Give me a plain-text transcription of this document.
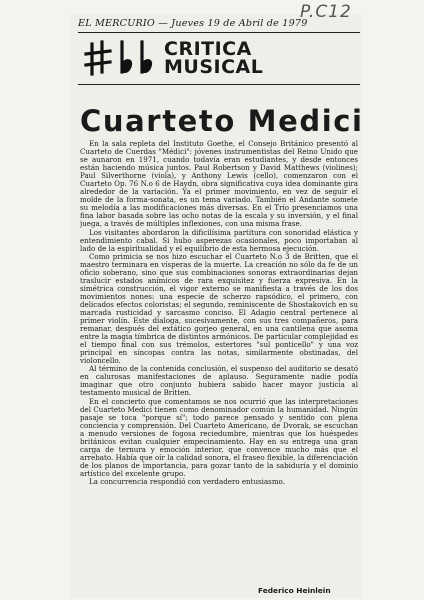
P.C12
EL MERCURIO — Jueves 19 de Abril de 1979
CRITICA
MUSICAL
Cuarteto Medici

En la sala repleta del Instituto Goethe, el Consejo Británico presentó al Cuarteto de Cuerdas "Médici": jóvenes instrumentistas del Reino Unido que se aunaron en 1971, cuando todavía eran estudiantes, y desde entonces están haciendo música juntos. Paul Robertson y David Matthews (violines); Paul Silverthorne (viola), y Anthony Lewis (cello), comenzaron con el Cuarteto Op. 76 N.o 6 de Haydn, obra significativa cuya idea dominante gira alrededor de la variación. Ya el primer movimiento, en vez de seguir el molde de la forma-sonata, es un tema variado. También el Andante somete su melodía a las modificaciones más diversas. En el Trío presenciamos una fina labor basada sobre las ocho notas de la escala y su inversión, y el final juega, a través de múltiples inflexiones, con una misma frase.

Los visitantes abordaron la dificilísima partitura con sonoridad elástica y entendimiento cabal. Si hubo asperezas ocasionales, poco importaban al lado de la espiritualidad y el equilibrio de esta hermosa ejecución.

Como primicia se nos hizo escuchar el Cuarteto N.o 3 de Britten, que el maestro terminara en vísperas de la muerte. La creación no sólo da fe de un oficio soberano, sino que sus combinaciones sonoras extraordinarias dejan traslucir estados anímicos de rara exquisitez y fuerza expresiva. En la simétrica construcción, el vigor externo se manifiesta a través de los dos movimientos nones: una especie de scherzo rapsódico, el primero, con delicados efectos coloristas; el segundo, reminiscente de Shostakovich en su marcada rusticidad y sarcasmo conciso. El Adagio central pertenece al primer violín. Este dialoga, sucesivamente, con sus tres compañeros, para remanar, después del extático gorjeo general, en una cantilena que asoma entre la magia tímbrica de distintos armónicos. De particular complejidad es el tiempo final con sus trémolos, estertores "sul ponticello" y una voz principal en síncopas contra las notas, similarmente obstinadas, del violoncello.

Al término de la contenida conclusión, el suspenso del auditorio se desató en calurosas manifestaciones de aplauso. Seguramente nadie podía imaginar que otro conjunto hubiera sabido hacer mayor justicia al testamento musical de Britten.

En el concierto que comentamos se nos ocurrió que las interpretaciones del Cuarteto Medici tienen como denominador común la humanidad. Ningún pasaje se toca "porque sí"; todo parece pensado y sentido con plena conciencia y comprensión. Del Cuarteto Americano, de Dvorak, se escuchan a menudo versiones de fogosa reciedumbre, mientras que los huéspedes británicos evitan cualquier empecinamiento. Hay en su entrega una gran carga de ternura y emoción interior, que convence mucho más que el arrebato. Había que oír la calidad sonora, el fraseo flexible, la diferenciación de los planos de importancia, para gozar tanto de la sabiduría y el dominio artístico del excelente grupo.

La concurrencia respondió con verdadero entusiasmo.

Federico Heinlein
